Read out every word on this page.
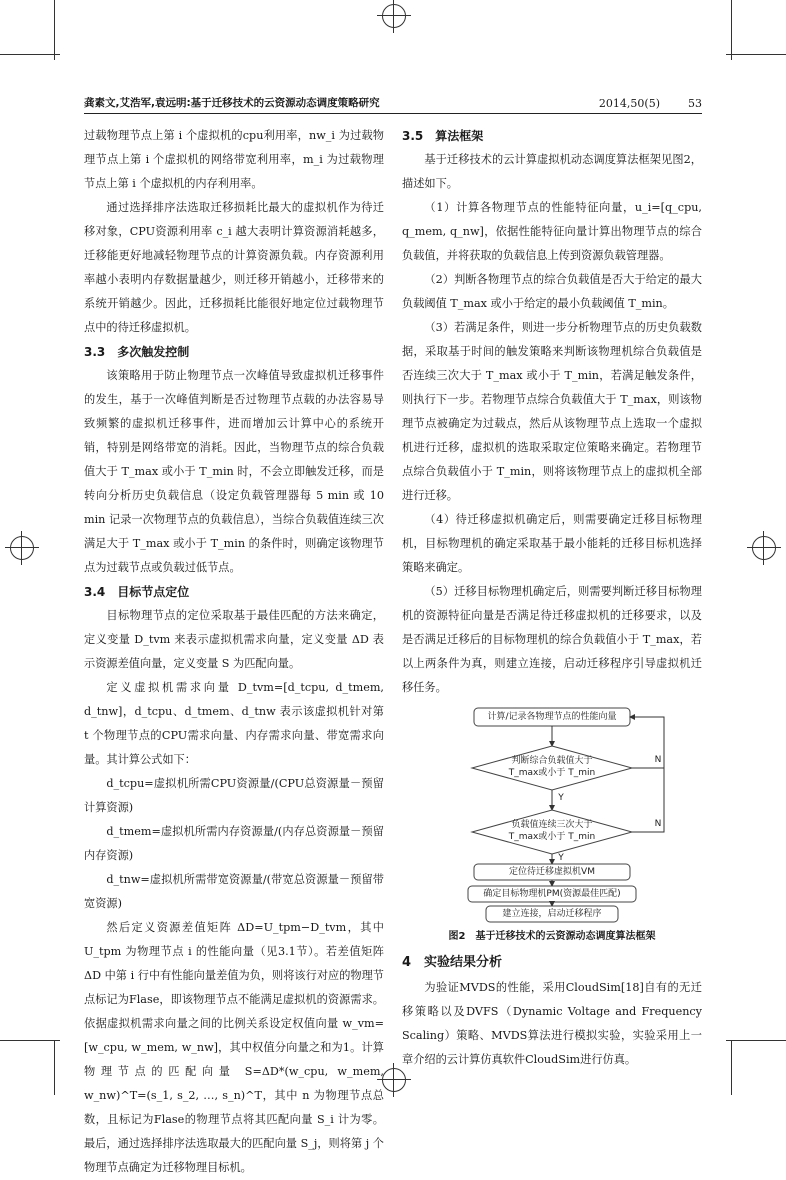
龚素文,艾浩军,袁远明:基于迁移技术的云资源动态调度策略研究	2014,50(5)	53

过载物理节点上第 i 个虚拟机的cpu利用率，nw_i 为过载物理节点上第 i 个虚拟机的网络带宽利用率，m_i 为过载物理节点上第 i 个虚拟机的内存利用率。

通过选择排序法选取迁移损耗比最大的虚拟机作为待迁移对象，CPU资源利用率 c_i 越大表明计算资源消耗越多，迁移能更好地减轻物理节点的计算资源负载。内存资源利用率越小表明内存数据量越少，则迁移开销越小，迁移带来的系统开销越少。因此，迁移损耗比能很好地定位过载物理节点中的待迁移虚拟机。

3.3　多次触发控制

该策略用于防止物理节点一次峰值导致虚拟机迁移事件的发生，基于一次峰值判断是否过物理节点载的办法容易导致频繁的虚拟机迁移事件，进而增加云计算中心的系统开销，特别是网络带宽的消耗。因此，当物理节点的综合负载值大于 T_max 或小于 T_min 时，不会立即触发迁移，而是转向分析历史负载信息（设定负载管理器每 5 min 或 10 min 记录一次物理节点的负载信息），当综合负载值连续三次满足大于 T_max 或小于 T_min 的条件时，则确定该物理节点为过载节点或负载过低节点。

3.4　目标节点定位

目标物理节点的定位采取基于最佳匹配的方法来确定，定义变量 D_tvm 来表示虚拟机需求向量，定义变量 ΔD 表示资源差值向量，定义变量 S 为匹配向量。

定义虚拟机需求向量 D_tvm=[d_tcpu, d_tmem, d_tnw]，d_tcpu、d_tmem、d_tnw 表示该虚拟机针对第 t 个物理节点的CPU需求向量、内存需求向量、带宽需求向量。其计算公式如下：

d_tcpu=虚拟机所需CPU资源量/(CPU总资源量－预留计算资源)

d_tmem=虚拟机所需内存资源量/(内存总资源量－预留内存资源)

d_tnw=虚拟机所需带宽资源量/(带宽总资源量－预留带宽资源)

然后定义资源差值矩阵 ΔD=U_tpm−D_tvm，其中 U_tpm 为物理节点 i 的性能向量（见3.1节）。若差值矩阵 ΔD 中第 i 行中有性能向量差值为负，则将该行对应的物理节点标记为Flase，即该物理节点不能满足虚拟机的资源需求。依据虚拟机需求向量之间的比例关系设定权值向量 w_vm=[w_cpu, w_mem, w_nw]，其中权值分向量之和为1。计算物理节点的匹配向量 S=ΔD*(w_cpu, w_mem, w_nw)^T=(s_1, s_2, …, s_n)^T，其中 n 为物理节点总数，且标记为Flase的物理节点将其匹配向量 S_i 计为零。最后，通过选择排序法选取最大的匹配向量 S_j，则将第 j 个物理节点确定为迁移物理目标机。

3.5　算法框架

基于迁移技术的云计算虚拟机动态调度算法框架见图2，描述如下。

（1）计算各物理节点的性能特征向量，u_i=[q_cpu, q_mem, q_nw]，依据性能特征向量计算出物理节点的综合负载值，并将获取的负载信息上传到资源负载管理器。

（2）判断各物理节点的综合负载值是否大于给定的最大负载阈值 T_max 或小于给定的最小负载阈值 T_min。

（3）若满足条件，则进一步分析物理节点的历史负载数据，采取基于时间的触发策略来判断该物理机综合负载值是否连续三次大于 T_max 或小于 T_min，若满足触发条件，则执行下一步。若物理节点综合负载值大于 T_max，则该物理节点被确定为过载点，然后从该物理节点上选取一个虚拟机进行迁移，虚拟机的选取采取定位策略来确定。若物理节点综合负载值小于 T_min，则将该物理节点上的虚拟机全部进行迁移。

（4）待迁移虚拟机确定后，则需要确定迁移目标物理机，目标物理机的确定采取基于最小能耗的迁移目标机选择策略来确定。

（5）迁移目标物理机确定后，则需要判断迁移目标物理机的资源特征向量是否满足待迁移虚拟机的迁移要求，以及是否满足迁移后的目标物理机的综合负载值小于 T_max，若以上两条件为真，则建立连接，启动迁移程序引导虚拟机迁移任务。

计算/记录各物理节点的性能向量
判断综合负载值大于
T_max或小于 T_min
负载值连续三次大于
T_max或小于 T_min
定位待迁移虚拟机VM
确定目标物理机PM(资源最佳匹配)
建立连接，启动迁移程序
N
N
Y
Y
图2　基于迁移技术的云资源动态调度算法框架
4　实验结果分析

为验证MVDS的性能，采用CloudSim[18]自有的无迁移策略以及DVFS（Dynamic Voltage and Frequency Scaling）策略、MVDS算法进行模拟实验，实验采用上一章介绍的云计算仿真软件CloudSim进行仿真。
